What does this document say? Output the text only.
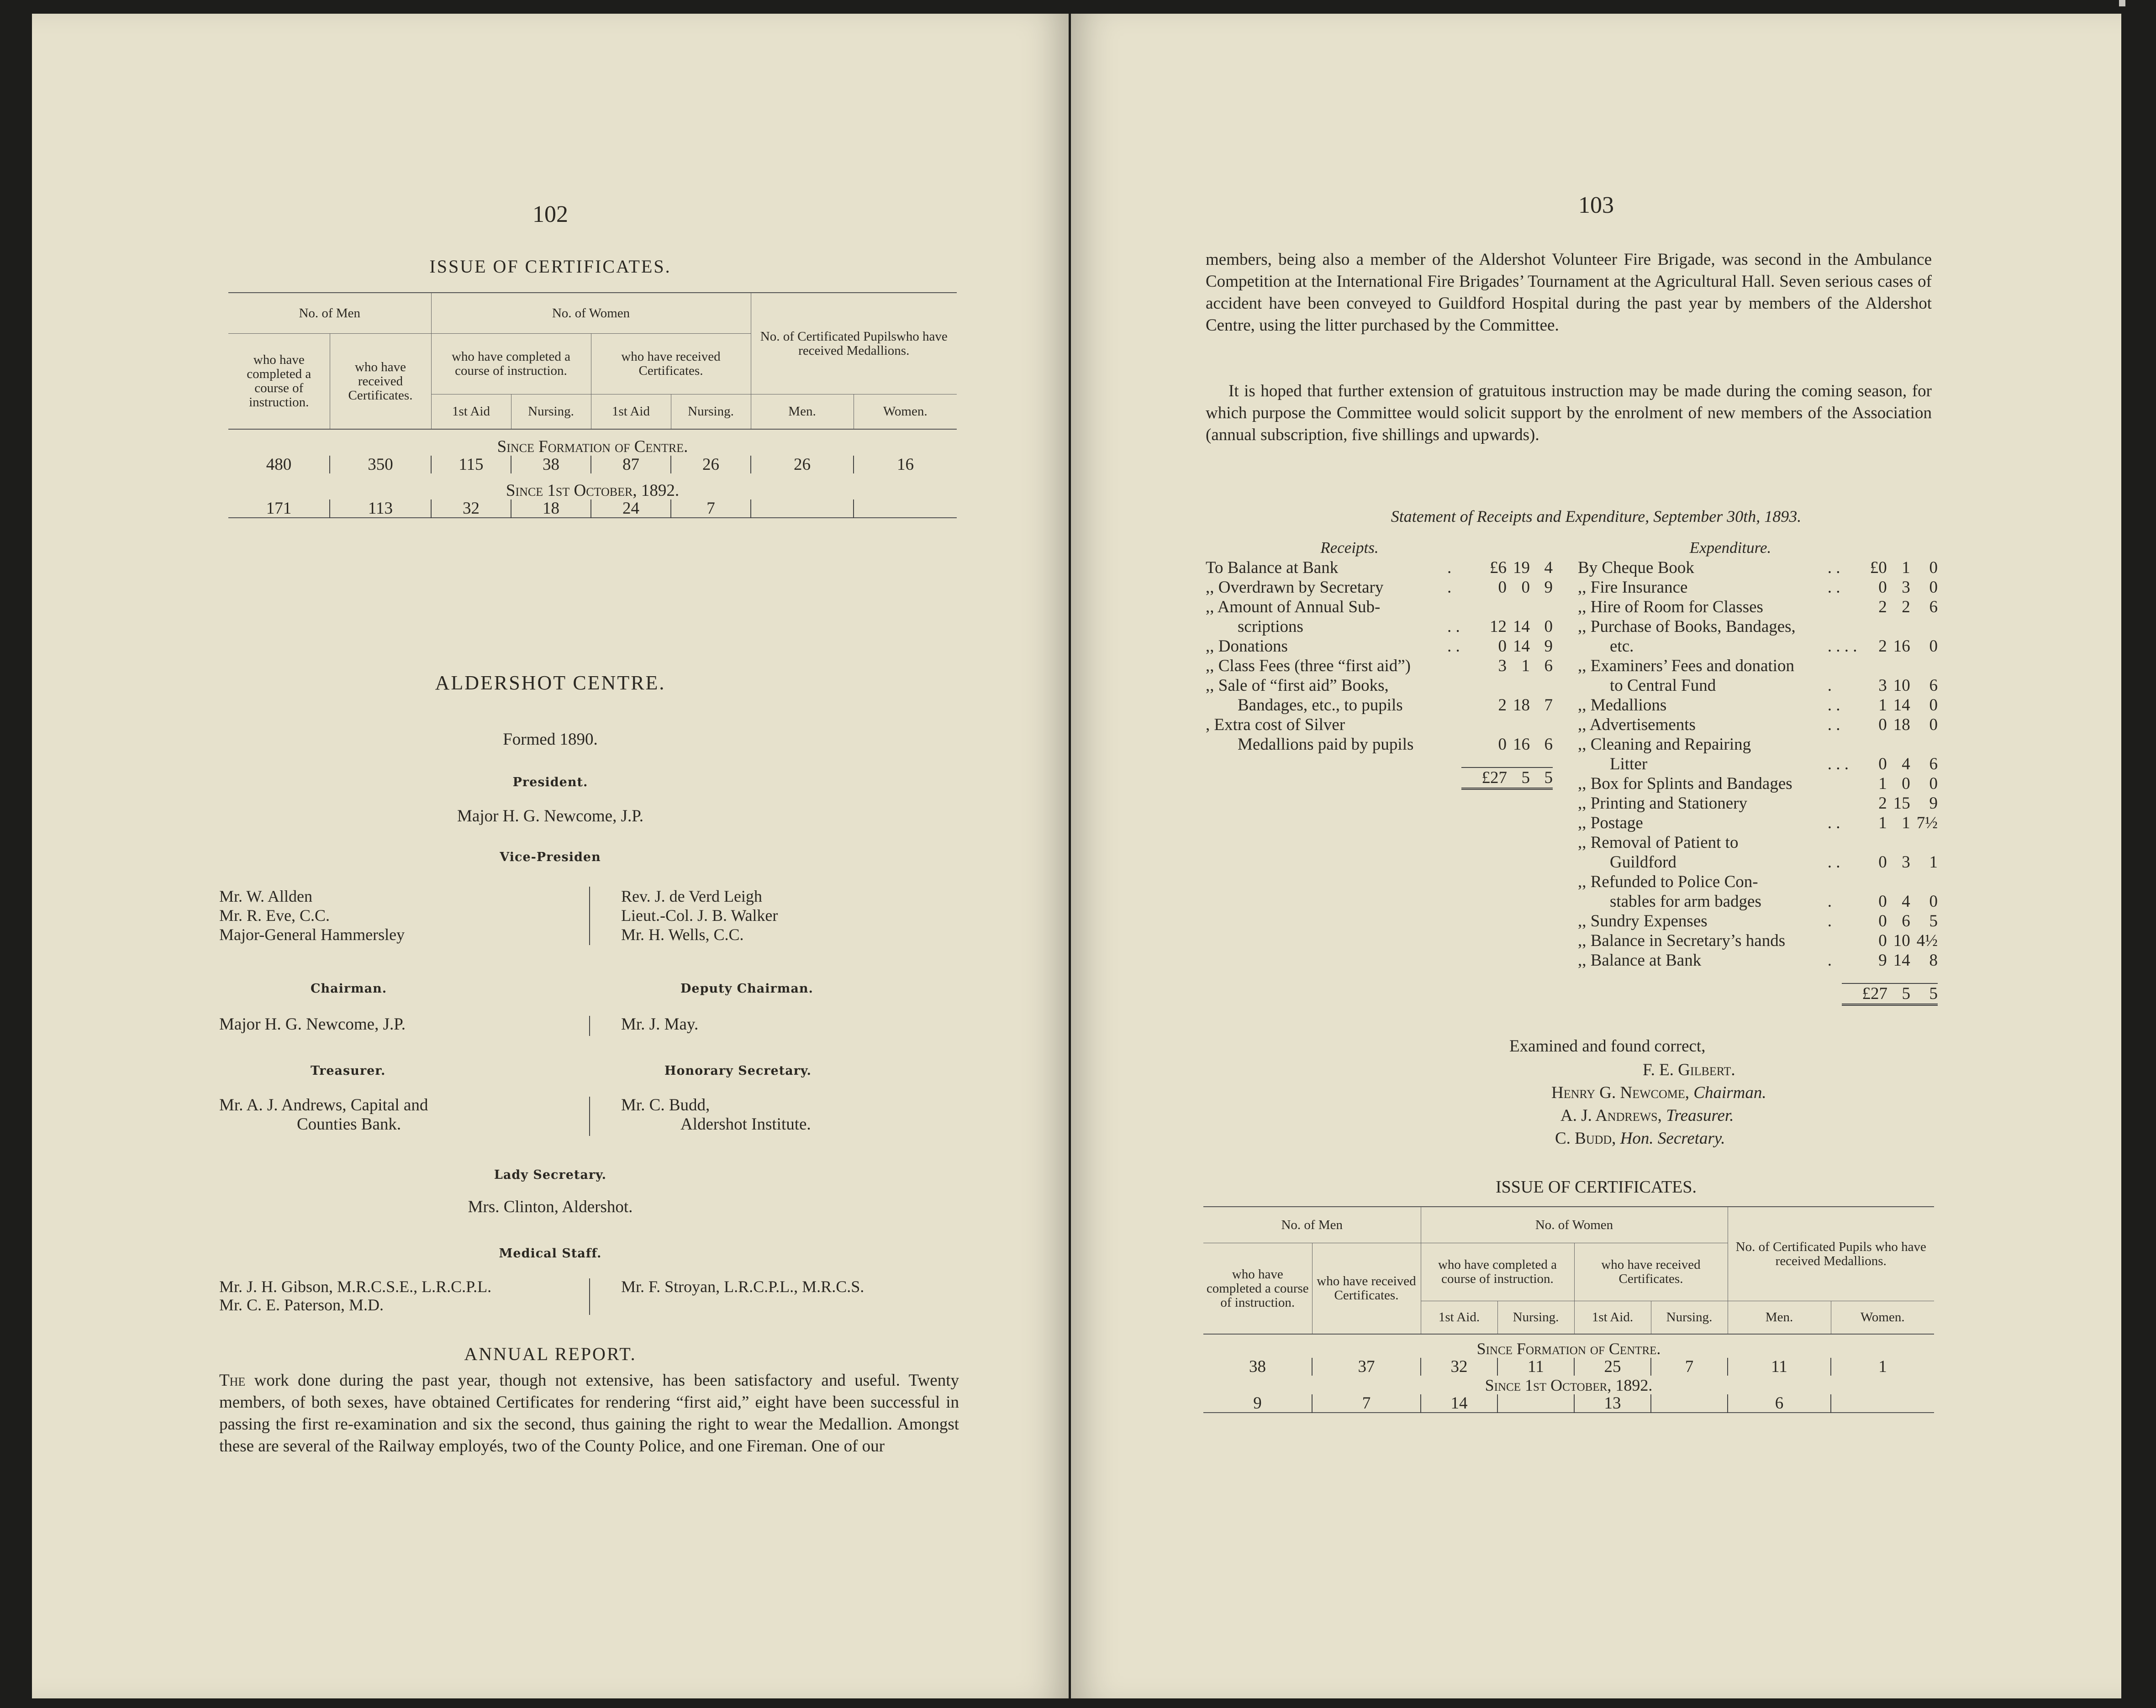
102
ISSUE OF CERTIFICATES.
No. of Men		No. of Women				No. of Certificated Pupilswho have received Medallions.	
who have completed a course of instruction.	who have received Certificates.	who have completed a course of instruction.		who have received Certificates.			
		1st Aid	Nursing.	1st Aid	Nursing.	Men.	Women.
Since Formation of Centre.							
480	350	115	38	87	26	26	16
Since 1st October, 1892.							
171	113	32	18	24	7		
ALDERSHOT CENTRE.
Formed 1890.
President.
Major H. G. Newcome, J.P.
Vice-Presiden
Mr. W. Allden
Mr. R. Eve, C.C.
Major-General Hammersley
Rev. J. de Verd Leigh
Lieut.-Col. J. B. Walker
Mr. H. Wells, C.C.
Chairman.	Deputy Chairman.
Major H. G. Newcome, J.P.	Mr. J. May.
Treasurer.	Honorary Secretary.
Mr. A. J. Andrews, Capital and
Counties Bank.
Mr. C. Budd,
Aldershot Institute.
Lady Secretary.
Mrs. Clinton, Aldershot.
Medical Staff.
Mr. J. H. Gibson, M.R.C.S.E., L.R.C.P.L.
Mr. C. E. Paterson, M.D.
Mr. F. Stroyan, L.R.C.P.L., M.R.C.S.
ANNUAL REPORT.
The work done during the past year, though not extensive, has been satisfactory and useful. Twenty members, of both sexes, have obtained Certificates for rendering “first aid,” eight have been successful in passing the first re-examination and six the second, thus gaining the right to wear the Medallion. Amongst these are several of the Railway employés, two of the County Police, and one Fireman. One of our
103
members, being also a member of the Aldershot Volunteer Fire Brigade, was second in the Ambulance Competition at the International Fire Brigades’ Tournament at the Agricultural Hall. Seven serious cases of accident have been conveyed to Guildford Hospital during the past year by members of the Aldershot Centre, using the litter purchased by the Committee.
It is hoped that further extension of gratuitous instruction may be made during the coming season, for which purpose the Committee would solicit support by the enrolment of new members of the Association (annual subscription, five shillings and upwards).
Statement of Receipts and Expenditure, September 30th, 1893.
Receipts.
To Balance at Bank	.	£6	19	4
,, Overdrawn by Secretary	.	0	0	9
,, Amount of Annual Sub-				
scriptions	. .	12	14	0
,, Donations	. .	0	14	9
,, Class Fees (three “first aid”)		3	1	6
,, Sale of “first aid” Books,				
Bandages, etc., to pupils		2	18	7
, Extra cost of Silver				
Medallions paid by pupils		0	16	6
	£27	5	5
Expenditure.
By Cheque Book	. .	£0	1	0
,, Fire Insurance	. .	0	3	0
,, Hire of Room for Classes		2	2	6
,, Purchase of Books, Bandages,				
etc.	. . . .	2	16	0
,, Examiners’ Fees and donation				
to Central Fund	.	3	10	6
,, Medallions	. .	1	14	0
,, Advertisements	. .	0	18	0
,, Cleaning and Repairing				
Litter	. . .	0	4	6
,, Box for Splints and Bandages		1	0	0
,, Printing and Stationery		2	15	9
,, Postage	. .	1	1	7½
,, Removal of Patient to				
Guildford	. .	0	3	1
,, Refunded to Police Con-				
stables for arm badges	.	0	4	0
,, Sundry Expenses	.	0	6	5
,, Balance in Secretary’s hands		0	10	4½
,, Balance at Bank	.	9	14	8
	£27	5	5
Examined and found correct,
F. E. Gilbert.
Henry G. Newcome, Chairman.
A. J. Andrews, Treasurer.
C. Budd, Hon. Secretary.
ISSUE OF CERTIFICATES.
No. of Men		No. of Women				No. of Certificated Pupils who have received Medallions.	
who have completed a course of instruction.	who have received Certificates.	who have completed a course of instruction.		who have received Certificates.			
		1st Aid.	Nursing.	1st Aid.	Nursing.	Men.	Women.
Since Formation of Centre.							
38	37	32	11	25	7	11	1
Since 1st October, 1892.							
9	7	14		13		6	
